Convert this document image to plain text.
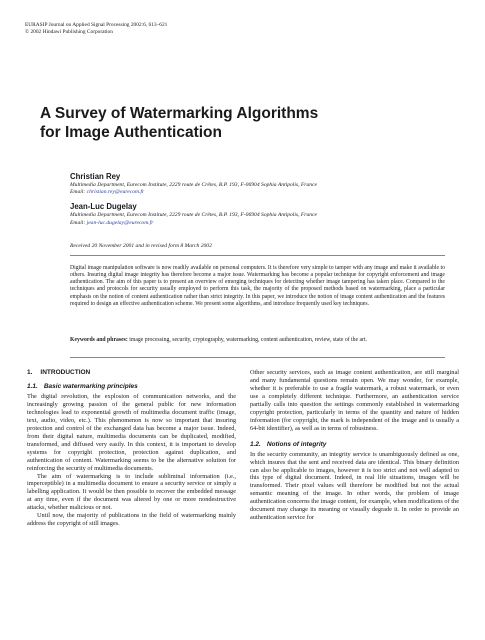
EURASIP Journal on Applied Signal Processing 2002:6, 613–621
© 2002 Hindawi Publishing Corporation
A Survey of Watermarking Algorithms
for Image Authentication
Christian Rey
Multimedia Department, Eurecom Institute, 2229 route de Crêtes, B.P. 193, F-06904 Sophia Antipolis, France
Email: christian.rey@eurecom.fr
Jean-Luc Dugelay
Multimedia Department, Eurecom Institute, 2229 route de Crêtes, B.P. 193, F-06904 Sophia Antipolis, France
Email: jean-luc.dugelay@eurecom.fr
Received 20 November 2001 and in revised form 8 March 2002
Digital image manipulation software is now readily available on personal computers. It is therefore very simple to tamper with any image and make it available to others. Insuring digital image integrity has therefore become a major issue. Watermarking has become a popular technique for copyright enforcement and image authentication. The aim of this paper is to present an overview of emerging techniques for detecting whether image tampering has taken place. Compared to the techniques and protocols for security usually employed to perform this task, the majority of the proposed methods based on watermarking, place a particular emphasis on the notion of content authentication rather than strict integrity. In this paper, we introduce the notion of image content authentication and the features required to design an effective authentication scheme. We present some algorithms, and introduce frequently used key techniques.
Keywords and phrases: image processing, security, cryptography, watermarking, content authentication, review, state of the art.
1. INTRODUCTION
1.1. Basic watermarking principles

The digital revolution, the explosion of communication networks, and the increasingly growing passion of the general public for new information technologies lead to exponential growth of multimedia document traffic (image, text, audio, video, etc.). This phenomenon is now so important that insuring protection and control of the exchanged data has become a major issue. Indeed, from their digital nature, multimedia documents can be duplicated, modified, transformed, and diffused very easily. In this context, it is important to develop systems for copyright protection, protection against duplication, and authentication of content. Watermarking seems to be the alternative solution for reinforcing the security of multimedia documents.

The aim of watermarking is to include subliminal information (i.e., imperceptible) in a multimedia document to ensure a security service or simply a labelling application. It would be then possible to recover the embedded message at any time, even if the document was altered by one or more nondestructive attacks, whether malicious or not.

Until now, the majority of publications in the field of watermarking mainly address the copyright of still images.

Other security services, such as image content authentication, are still marginal and many fundamental questions remain open. We may wonder, for example, whether it is preferable to use a fragile watermark, a robust watermark, or even use a completely different technique. Furthermore, an authentication service partially calls into question the settings commonly established in watermarking copyright protection, particularly in terms of the quantity and nature of hidden information (for copyright, the mark is independent of the image and is usually a 64-bit identifier), as well as in terms of robustness.

1.2. Notions of integrity

In the security community, an integrity service is unambiguously defined as one, which insures that the sent and received data are identical. This binary definition can also be applicable to images, however it is too strict and not well adapted to this type of digital document. Indeed, in real life situations, images will be transformed. Their pixel values will therefore be modified but not the actual semantic meaning of the image. In other words, the problem of image authentication concerns the image content, for example, when modifications of the document may change its meaning or visually degrade it. In order to provide an authentication service for
